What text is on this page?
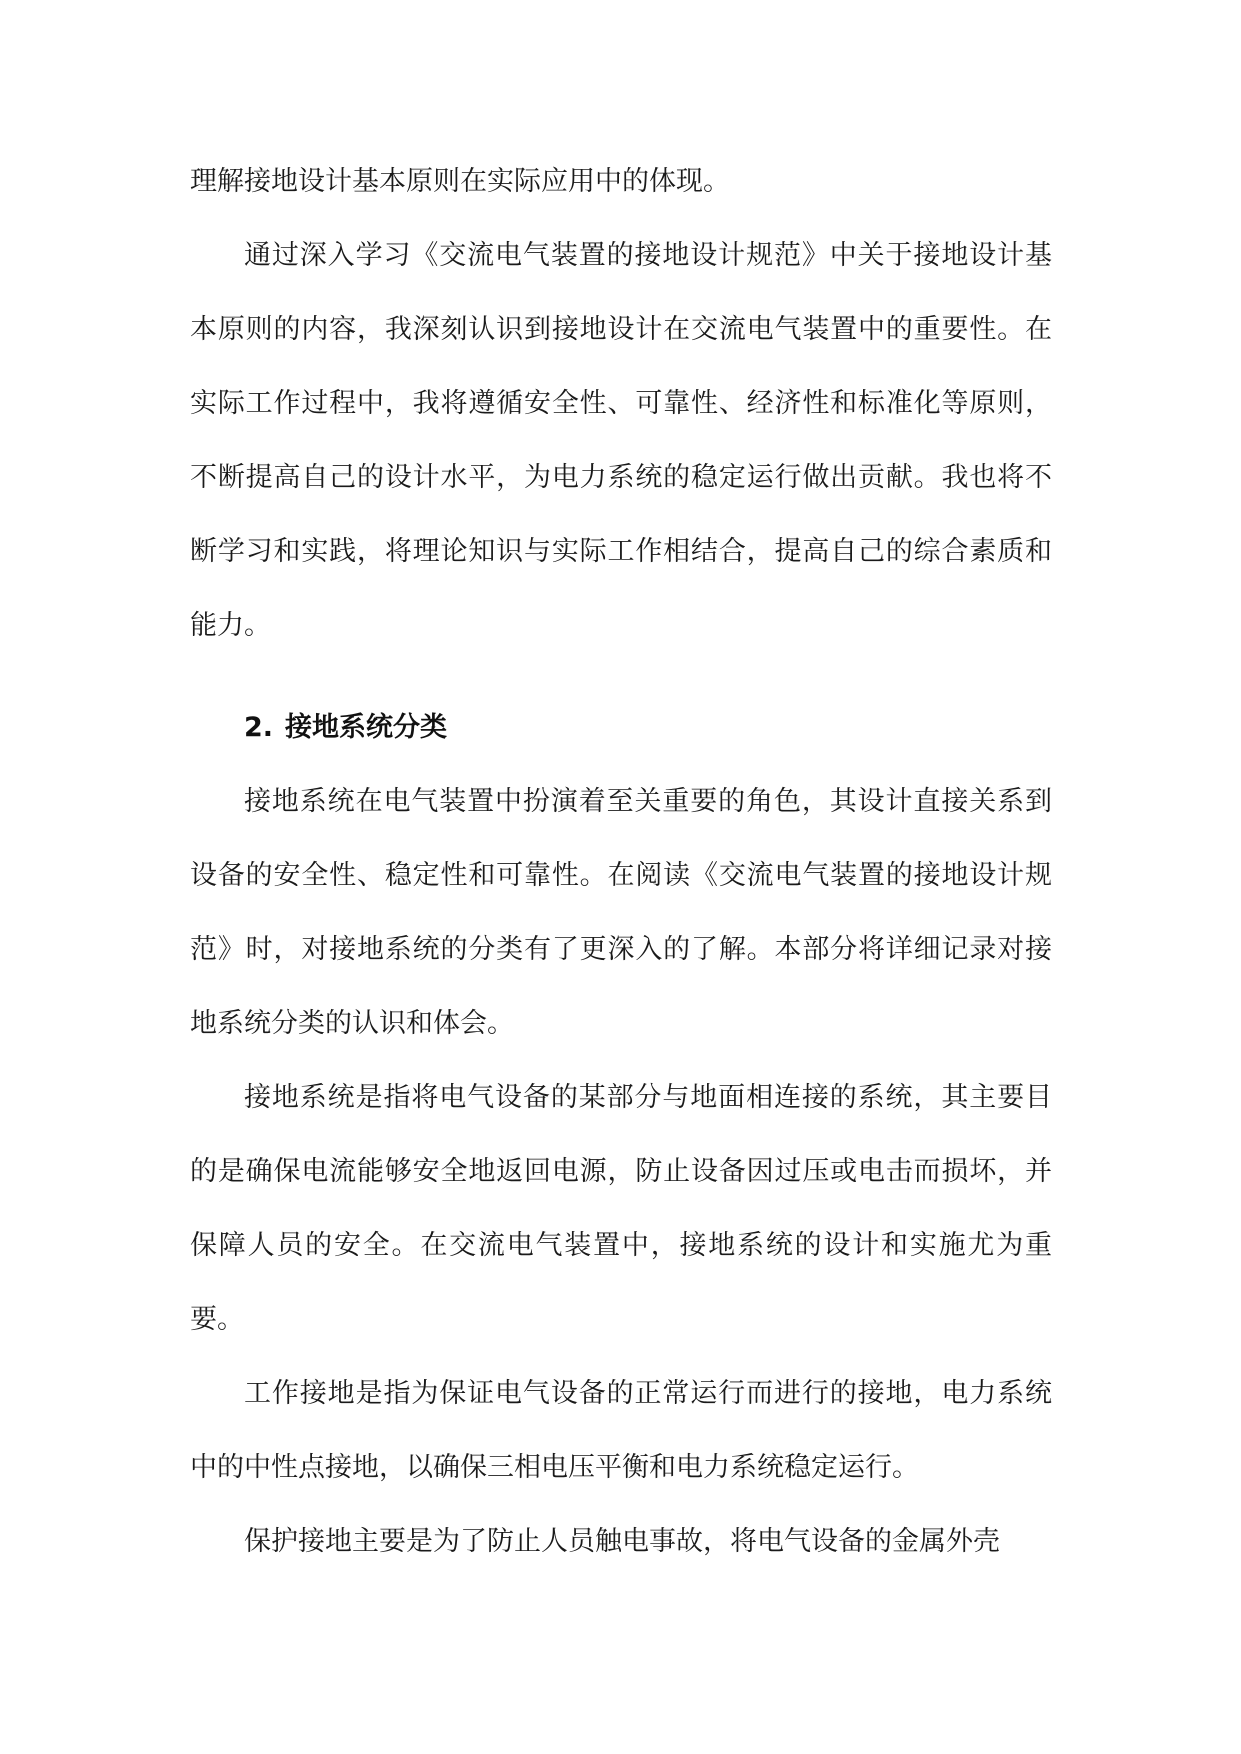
理解接地设计基本原则在实际应用中的体现。

通过深入学习《交流电气装置的接地设计规范》中关于接地设计基本原则的内容，我深刻认识到接地设计在交流电气装置中的重要性。在实际工作过程中，我将遵循安全性、可靠性、经济性和标准化等原则，不断提高自己的设计水平，为电力系统的稳定运行做出贡献。我也将不断学习和实践，将理论知识与实际工作相结合，提高自己的综合素质和能力。

2. 接地系统分类

接地系统在电气装置中扮演着至关重要的角色，其设计直接关系到设备的安全性、稳定性和可靠性。在阅读《交流电气装置的接地设计规范》时，对接地系统的分类有了更深入的了解。本部分将详细记录对接地系统分类的认识和体会。

接地系统是指将电气设备的某部分与地面相连接的系统，其主要目的是确保电流能够安全地返回电源，防止设备因过压或电击而损坏，并保障人员的安全。在交流电气装置中，接地系统的设计和实施尤为重要。

工作接地是指为保证电气设备的正常运行而进行的接地，电力系统中的中性点接地，以确保三相电压平衡和电力系统稳定运行。

保护接地主要是为了防止人员触电事故，将电气设备的金属外壳
